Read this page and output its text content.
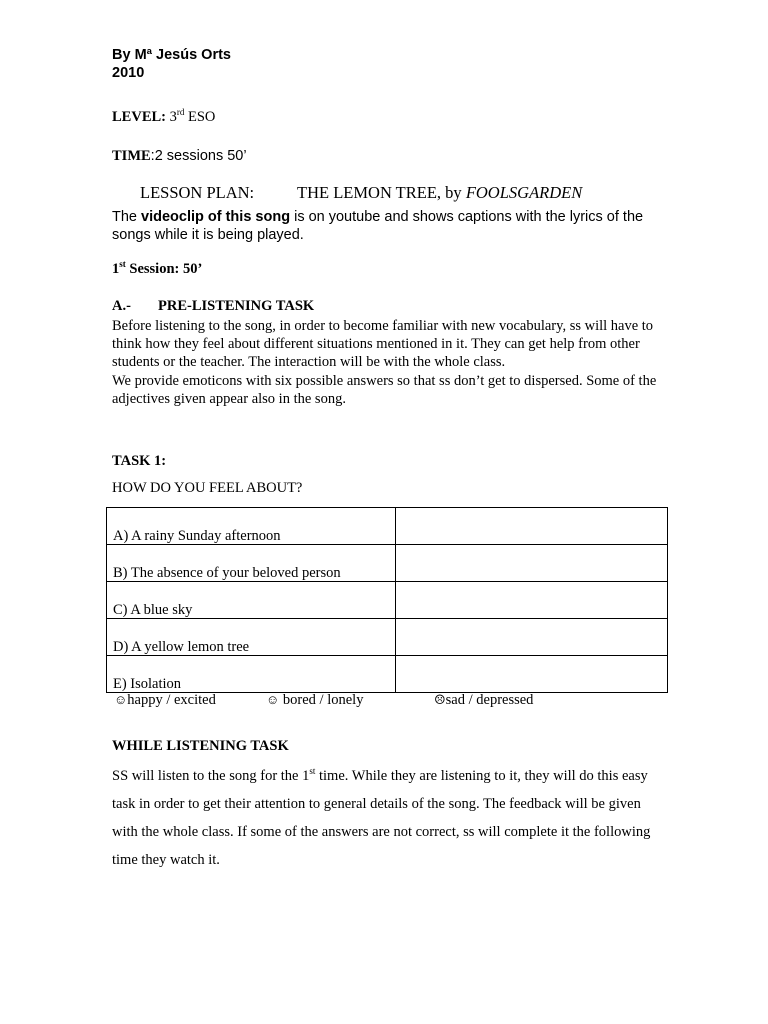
By Mª Jesús Orts
2010
LEVEL: 3rd ESO
TIME:2 sessions 50’
LESSON PLAN:	THE LEMON TREE, by FOOLSGARDEN
The videoclip of this song is on youtube and shows captions with the lyrics of the songs while it is being played.
1st Session: 50’
A.- PRE-LISTENING TASK
Before listening to the song, in order to become familiar with new vocabulary, ss will have to think how they feel about different situations mentioned in it. They can get help from other students or the teacher. The interaction will be with the whole class.
We provide emoticons with six possible answers so that ss don’t get to dispersed. Some of the adjectives given appear also in the song.
TASK 1:
HOW DO YOU FEEL ABOUT?
A) A rainy Sunday afternoon	
B) The absence of your beloved person	
C) A blue sky	
D) A yellow lemon tree	
E) Isolation	
☺happy / excited	☺ bored / lonely	☹sad / depressed
WHILE LISTENING TASK
SS will listen to the song for the 1st time. While they are listening to it, they will do this easy task in order to get their attention to general details of the song. The feedback will be given with the whole class. If some of the answers are not correct, ss will complete it the following time they watch it.
